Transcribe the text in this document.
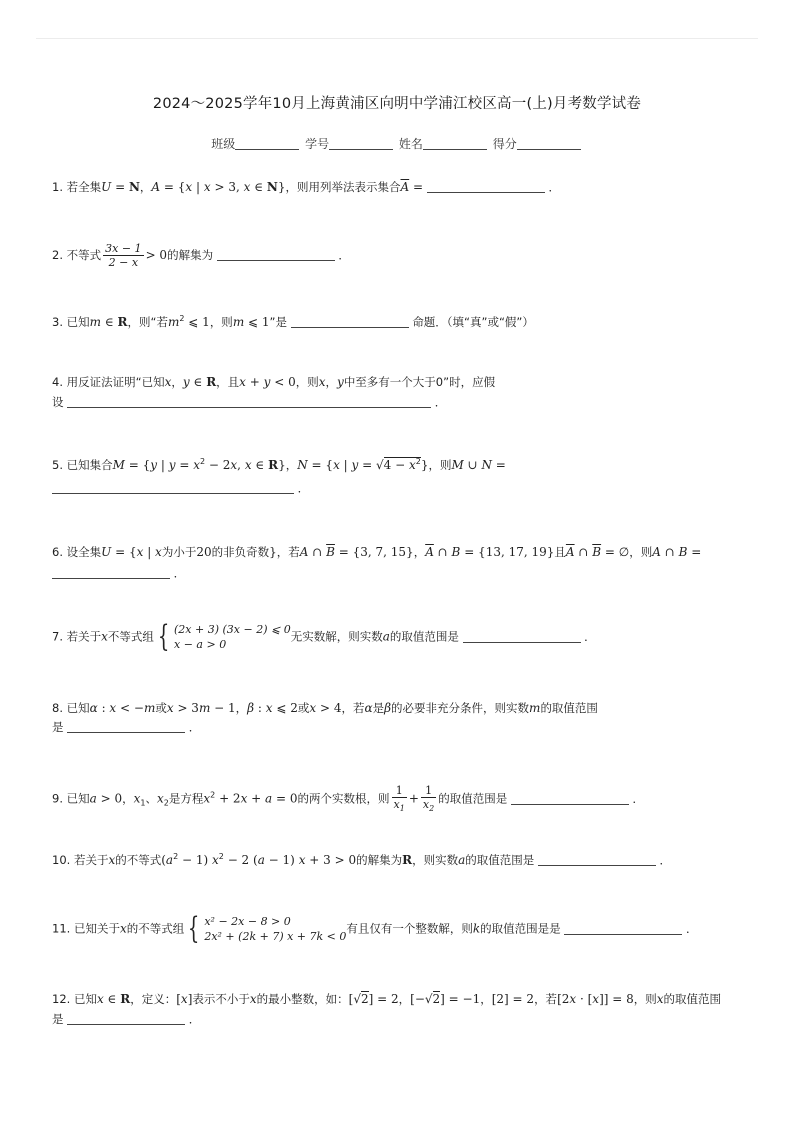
2024～2025学年10月上海黄浦区向明中学浦江校区高一(上)月考数学试卷
班级	学号	姓名	得分
1. 若全集U = N，A = {x | x > 3, x ∈ N}，则用列举法表示集合$\overline{A}$ =	．
2. 不等式 $\frac{3x - 1}{2 - x} > 0$的解集为	．
3. 已知m ∈ R，则“若$m^2$ ⩽ 1，则m ⩽ 1”是	命题．（填“真”或“假”）
4. 用反证法证明“已知x，y ∈ R，且x + y < 0，则x，y中至多有一个大于0”时，应假
设	．
5. 已知集合M = {y | $y = x^2 - 2x$, x ∈ R}，N = {x | $y = √4 - x^2$}，则M ∪ N =
．
6. 设全集U = {x | x为小于20的非负奇数}，若A ∩ $\overline{B} = \{3$, 7, 15}，$\overline{A}$ ∩ B = {13, 17, 19}且$\overline{A}$ ∩ $\overline{B}$ = ∅，则A ∩ B =
．
7. 若关于x不等式组 { (2x + 3) (3x − 2) ⩽ 0
x − a > 0
无实数解，则实数a的取值范围是	．
8. 已知α : x < −m或x > 3m − 1，β : x ⩽ 2或x > 4，若α是β的必要非充分条件，则实数m的取值范围
是	．
9. 已知a > 0，$x_1$、$x_2$是方程$x^2 + 2x + a = 0$的两个实数根，则 $\frac{1}{x_1} + \frac{1}{x_2}$ 的取值范围是	．
10. 若关于x的不等式$(a^2 - 1) x^2 - 2$ (a − 1) x + 3 > 0的解集为R，则实数a的取值范围是	．
11. 已知关于x的不等式组 { x² − 2x − 8 > 0
2x² + (2k + 7) x + 7k < 0
有且仅有一个整数解，则k的取值范围是是	．
12. 已知x ∈ R，定义：[x]表示不小于x的最小整数，如：[√2] = 2，[−√2] = −1，[2] = 2，若[2x · [x]] = 8，则x的取值范围
是	．
